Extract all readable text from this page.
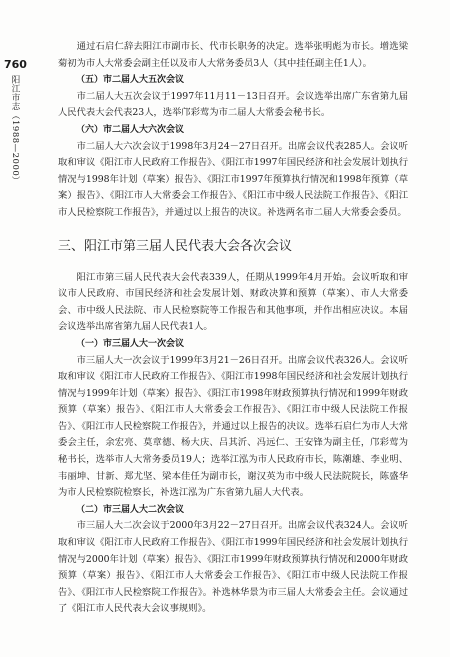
760
阳江市志（1988—2000）

通过石启仁辞去阳江市副市长、代市长职务的决定。选举张明彪为市长。增选梁菊初为市人大常委会副主任以及市人大常务委员3人（其中挂任副主任1人）。

（五）市二届人大五次会议

市二届人大五次会议于1997年11月11－13日召开。会议选举出席广东省第九届人民代表大会代表23人，选举邝彩莺为市二届人大常委会秘书长。

（六）市二届人大六次会议

市二届人大六次会议于1998年3月24－27日召开。出席会议代表285人。会议听取和审议《阳江市人民政府工作报告》、《阳江市1997年国民经济和社会发展计划执行情况与1998年计划（草案）报告》、《阳江市1997年预算执行情况和1998年预算（草案）报告》、《阳江市人大常委会工作报告》、《阳江市中级人民法院工作报告》、《阳江市人民检察院工作报告》，并通过以上报告的决议。补选两名市二届人大常委会委员。

三、阳江市第三届人民代表大会各次会议

阳江市第三届人民代表大会代表339人，任期从1999年4月开始。会议听取和审议市人民政府、市国民经济和社会发展计划、财政决算和预算（草案）、市人大常委会、市中级人民法院、市人民检察院等工作报告和其他事项，并作出相应决议。本届会议选举出席省第九届人民代表1人。

（一）市三届人大一次会议

市三届人大一次会议于1999年3月21－26日召开。出席会议代表326人。会议听取和审议《阳江市人民政府工作报告》、《阳江市1998年国民经济和社会发展计划执行情况与1999年计划（草案）报告》、《阳江市1998年财政预算执行情况和1999年财政预算（草案）报告》、《阳江市人大常委会工作报告》、《阳江市中级人民法院工作报告》、《阳江市人民检察院工作报告》，并通过以上报告的决议。选举石启仁为市人大常委会主任，余宏亮、莫章德、杨大庆、吕其沂、冯远仁、王安锋为副主任，邝彩莺为秘书长，选举市人大常务委员19人；选举江泓为市人民政府市长，陈潮雄、李业明、韦丽坤、甘新、郑尤坚、梁本佳任为副市长，谢汉英为市中级人民法院院长，陈盛华为市人民检察院检察长，补选江泓为广东省第九届人大代表。

（二）市三届人大二次会议

市三届人大二次会议于2000年3月22－27日召开。出席会议代表324人。会议听取和审议《阳江市人民政府工作报告》、《阳江市1999年国民经济和社会发展计划执行情况与2000年计划（草案）报告》、《阳江市1999年财政预算执行情况和2000年财政预算（草案）报告》、《阳江市人大常委会工作报告》、《阳江市中级人民法院工作报告》、《阳江市人民检察院工作报告》。补选林华景为市三届人大常委会主任。会议通过了《阳江市人民代表大会议事规则》。
